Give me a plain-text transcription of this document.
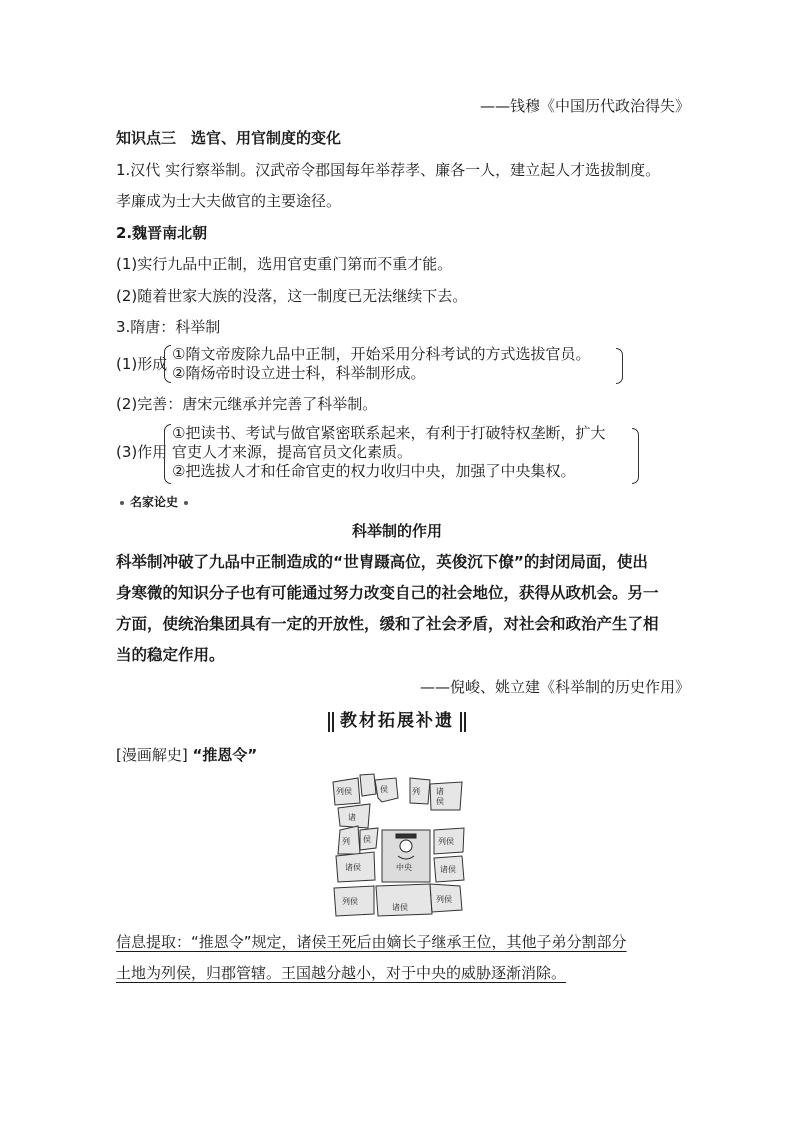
——钱穆《中国历代政治得失》
知识点三　选官、用官制度的变化
1.汉代 实行察举制。汉武帝令郡国每年举荐孝、廉各一人，建立起人才选拔制度。
孝廉成为士大夫做官的主要途径。
2.魏晋南北朝
(1)实行九品中正制，选用官吏重门第而不重才能。
(2)随着世家大族的没落，这一制度已无法继续下去。
3.隋唐：科举制
(1)形成
①隋文帝废除九品中正制，开始采用分科考试的方式选拔官员。
②隋炀帝时设立进士科，科举制形成。
(2)完善：唐宋元继承并完善了科举制。
(3)作用
①把读书、考试与做官紧密联系起来，有利于打破特权垄断，扩大
官吏人才来源，提高官员文化素质。
②把选拔人才和任命官吏的权力收归中央，加强了中央集权。
名家论史
科举制的作用
科举制冲破了九品中正制造成的“世胄蹑高位，英俊沉下僚”的封闭局面，使出
身寒微的知识分子也有可能通过努力改变自己的社会地位，获得从政机会。另一
方面，使统治集团具有一定的开放性，缓和了社会矛盾，对社会和政治产生了相
当的稳定作用。
——倪峻、姚立建《科举制的历史作用》
教材拓展补遗
[漫画解史] “推恩令”
列侯	侯
诸
列 诸
侯
列 侯
诸侯	中央
列侯
诸侯
列侯
诸侯
列侯
信息提取：“推恩令”规定，诸侯王死后由嫡长子继承王位，其他子弟分割部分
土地为列侯，归郡管辖。王国越分越小，对于中央的威胁逐渐消除。
